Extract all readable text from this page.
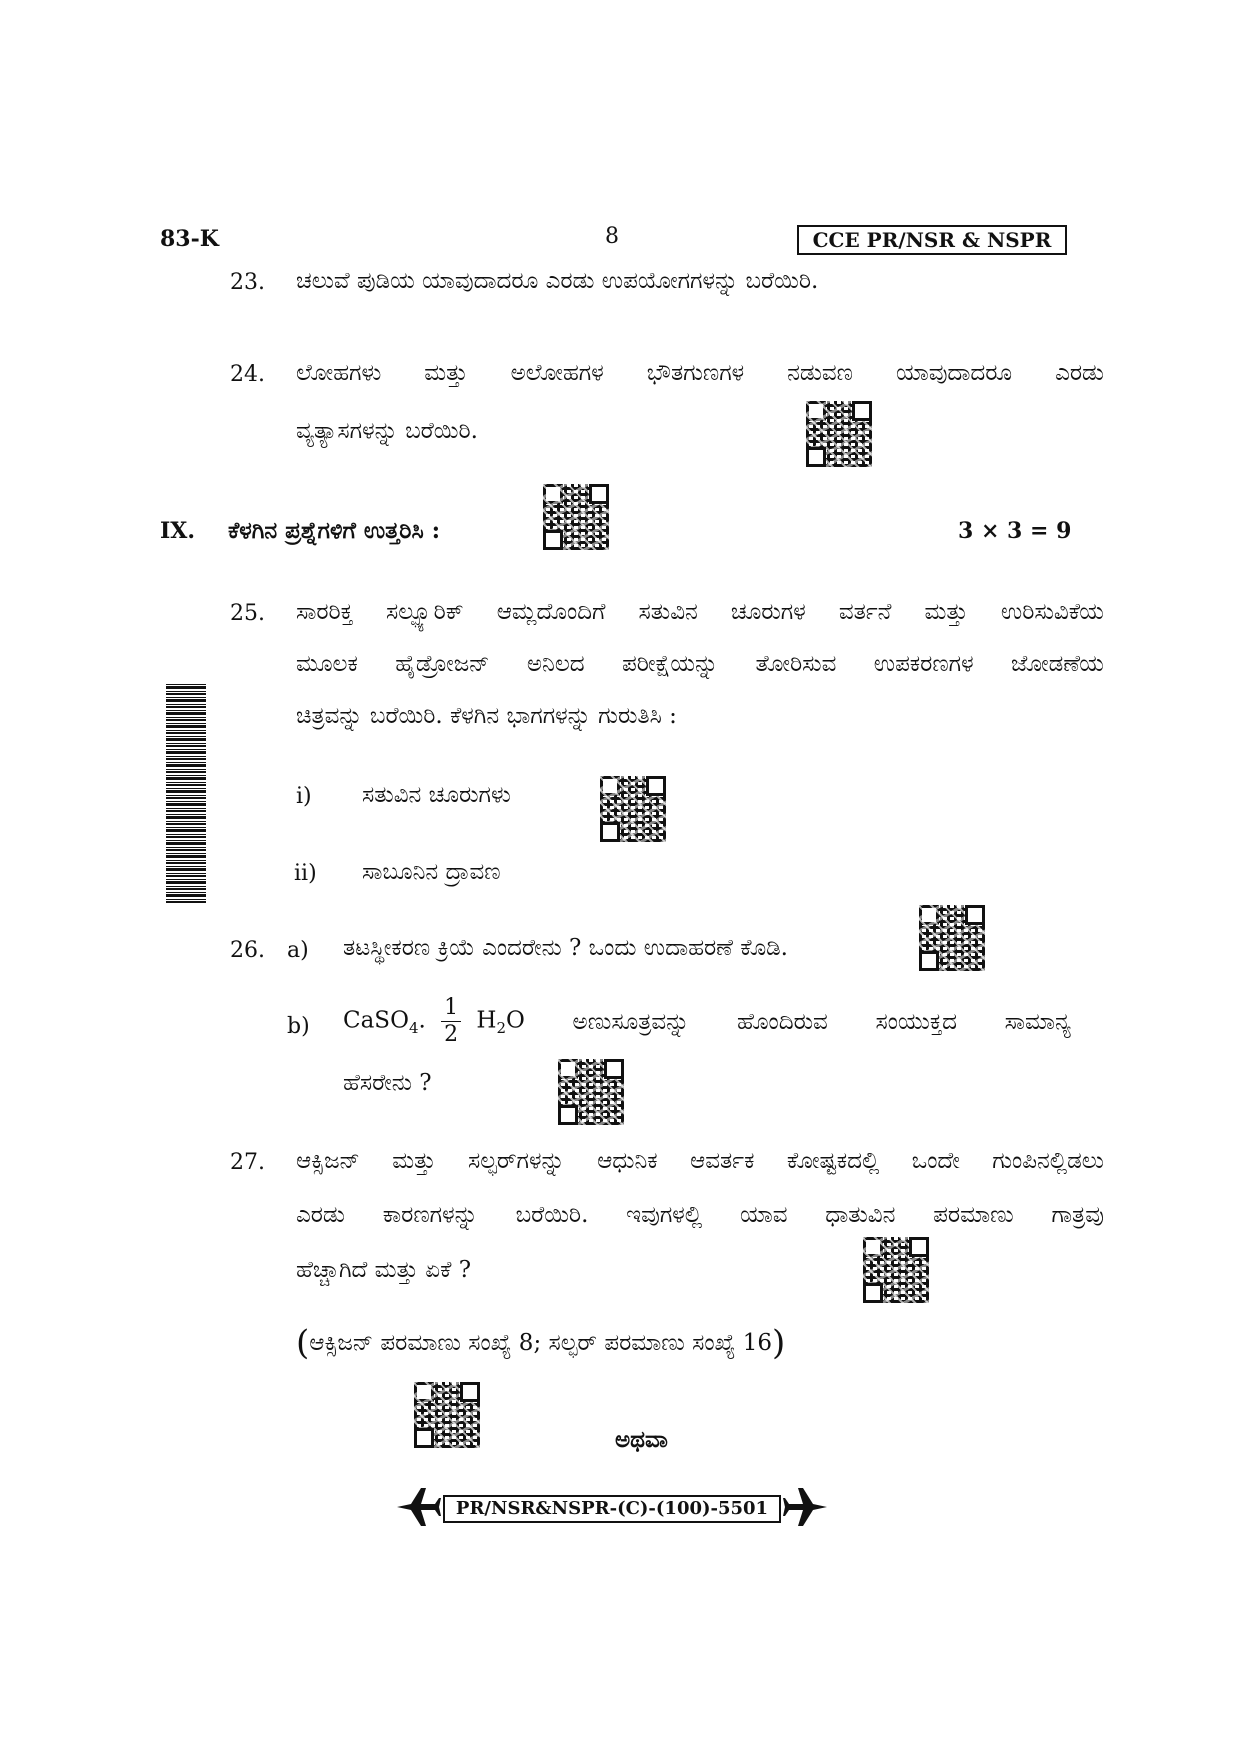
83-K	8	CCE PR/NSR & NSPR
23. ಚಲುವೆ ಪುಡಿಯ ಯಾವುದಾದರೂ ಎರಡು ಉಪಯೋಗಗಳನ್ನು ಬರೆಯಿರಿ.
24. ಲೋಹಗಳು ಮತ್ತು ಅಲೋಹಗಳ ಭೌತಗುಣಗಳ ನಡುವಣ ಯಾವುದಾದರೂ ಎರಡು
ವ್ಯತ್ಯಾಸಗಳನ್ನು ಬರೆಯಿರಿ.
IX. ಕೆಳಗಿನ ಪ್ರಶ್ನೆಗಳಿಗೆ ಉತ್ತರಿಸಿ :	3 × 3 = 9
25. ಸಾರರಿಕ್ತ ಸಲ್ಫ್ಯೂರಿಕ್ ಆಮ್ಲದೊಂದಿಗೆ ಸತುವಿನ ಚೂರುಗಳ ವರ್ತನೆ ಮತ್ತು ಉರಿಸುವಿಕೆಯ
ಮೂಲಕ ಹೈಡ್ರೋಜನ್ ಅನಿಲದ ಪರೀಕ್ಷೆಯನ್ನು ತೋರಿಸುವ ಉಪಕರಣಗಳ ಜೋಡಣೆಯ
ಚಿತ್ರವನ್ನು ಬರೆಯಿರಿ. ಕೆಳಗಿನ ಭಾಗಗಳನ್ನು ಗುರುತಿಸಿ :
i) ಸತುವಿನ ಚೂರುಗಳು
ii) ಸಾಬೂನಿನ ದ್ರಾವಣ
26. a) ತಟಸ್ಥೀಕರಣ ಕ್ರಿಯೆ ಎಂದರೇನು ? ಒಂದು ಉದಾಹರಣೆ ಕೊಡಿ.
b) CaSO$_4$. $\frac{1}{2} H_2O$ ಅಣುಸೂತ್ರವನ್ನು ಹೊಂದಿರುವ ಸಂಯುಕ್ತದ ಸಾಮಾನ್ಯ
ಹೆಸರೇನು ?
27. ಆಕ್ಸಿಜನ್ ಮತ್ತು ಸಲ್ಫರ್‌ಗಳನ್ನು ಆಧುನಿಕ ಆವರ್ತಕ ಕೋಷ್ಟಕದಲ್ಲಿ ಒಂದೇ ಗುಂಪಿನಲ್ಲಿಡಲು
ಎರಡು ಕಾರಣಗಳನ್ನು ಬರೆಯಿರಿ. ಇವುಗಳಲ್ಲಿ ಯಾವ ಧಾತುವಿನ ಪರಮಾಣು ಗಾತ್ರವು
ಹೆಚ್ಚಾಗಿದೆ ಮತ್ತು ಏಕೆ ?
(ಆಕ್ಸಿಜನ್ ಪರಮಾಣು ಸಂಖ್ಯೆ 8; ಸಲ್ಫರ್ ಪರಮಾಣು ಸಂಖ್ಯೆ 16)
ಅಥವಾ
PR/NSR&NSPR-(C)-(100)-5501
